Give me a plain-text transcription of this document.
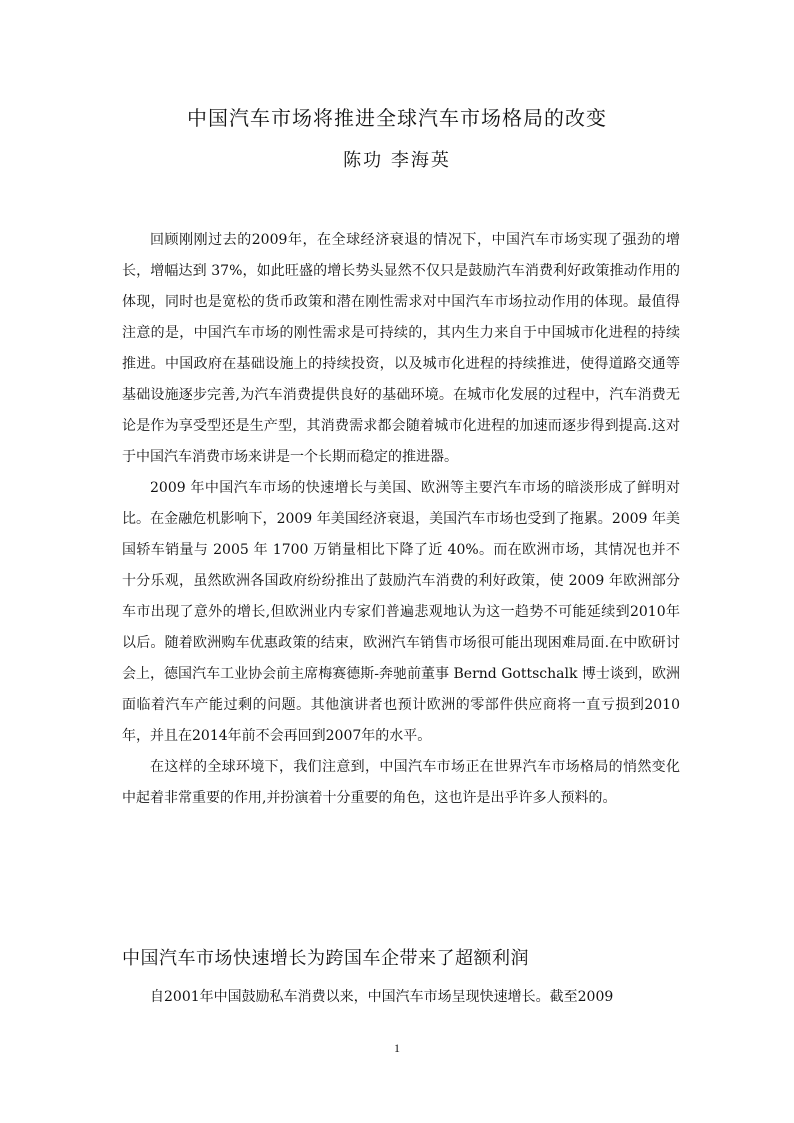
中国汽车市场将推进全球汽车市场格局的改变
陈功 李海英

回顾刚刚过去的2009年，在全球经济衰退的情况下，中国汽车市场实现了强劲的增长，增幅达到 37%，如此旺盛的增长势头显然不仅只是鼓励汽车消费利好政策推动作用的体现，同时也是宽松的货币政策和潜在刚性需求对中国汽车市场拉动作用的体现。最值得注意的是，中国汽车市场的刚性需求是可持续的，其内生力来自于中国城市化进程的持续推进。中国政府在基础设施上的持续投资，以及城市化进程的持续推进，使得道路交通等基础设施逐步完善,为汽车消费提供良好的基础环境。在城市化发展的过程中，汽车消费无论是作为享受型还是生产型，其消费需求都会随着城市化进程的加速而逐步得到提高.这对于中国汽车消费市场来讲是一个长期而稳定的推进器。

2009 年中国汽车市场的快速增长与美国、欧洲等主要汽车市场的暗淡形成了鲜明对比。在金融危机影响下，2009 年美国经济衰退，美国汽车市场也受到了拖累。2009 年美国轿车销量与 2005 年 1700 万销量相比下降了近 40%。而在欧洲市场，其情况也并不十分乐观，虽然欧洲各国政府纷纷推出了鼓励汽车消费的利好政策，使 2009 年欧洲部分车市出现了意外的增长,但欧洲业内专家们普遍悲观地认为这一趋势不可能延续到2010年以后。随着欧洲购车优惠政策的结束，欧洲汽车销售市场很可能出现困难局面.在中欧研讨会上，德国汽车工业协会前主席梅赛德斯-奔驰前董事 Bernd Gottschalk 博士谈到，欧洲面临着汽车产能过剩的问题。其他演讲者也预计欧洲的零部件供应商将一直亏损到2010年，并且在2014年前不会再回到2007年的水平。

在这样的全球环境下，我们注意到，中国汽车市场正在世界汽车市场格局的悄然变化中起着非常重要的作用,并扮演着十分重要的角色，这也许是出乎许多人预料的。

中国汽车市场快速增长为跨国车企带来了超额利润

自2001年中国鼓励私车消费以来，中国汽车市场呈现快速增长。截至2009

1
